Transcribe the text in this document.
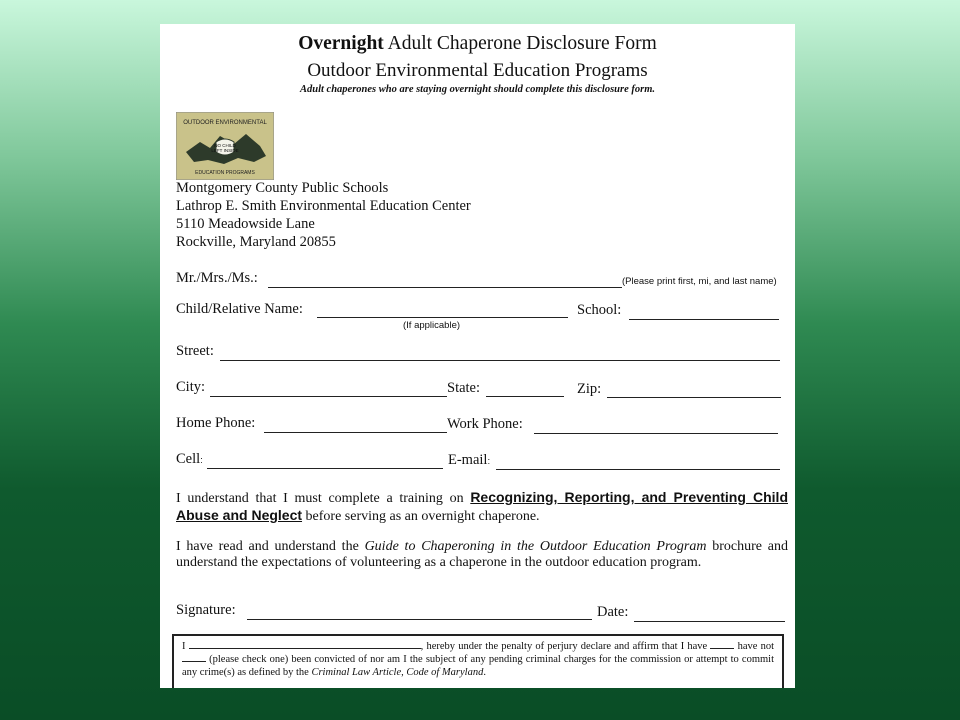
Overnight Adult Chaperone Disclosure Form
Outdoor Environmental Education Programs
Adult chaperones who are staying overnight should complete this disclosure form.
NO CHILD
LEFT INSIDE
OUTDOOR ENVIRONMENTAL
EDUCATION PROGRAMS
Montgomery County Public Schools
Lathrop E. Smith Environmental Education Center
5110 Meadowside Lane
Rockville, Maryland 20855
Mr./Mrs./Ms.:	(Please print first, mi, and last name)
Child/Relative Name:
(If applicable)
School:
Street:
City:	State:	Zip:
Home Phone:	Work Phone:
Cell:	E-mail:
I understand that I must complete a training on Recognizing, Reporting, and Preventing Child Abuse and Neglect before serving as an overnight chaperone.
I have read and understand the Guide to Chaperoning in the Outdoor Education Program brochure and understand the expectations of volunteering as a chaperone in the outdoor education program.
Signature:	Date:
I	, hereby under the penalty of perjury declare and affirm that I have  have not  (please check one) been convicted of nor am I the subject of any pending criminal charges for the commission or attempt to commit any crime(s) as defined by the Criminal Law Article, Code of Maryland.
